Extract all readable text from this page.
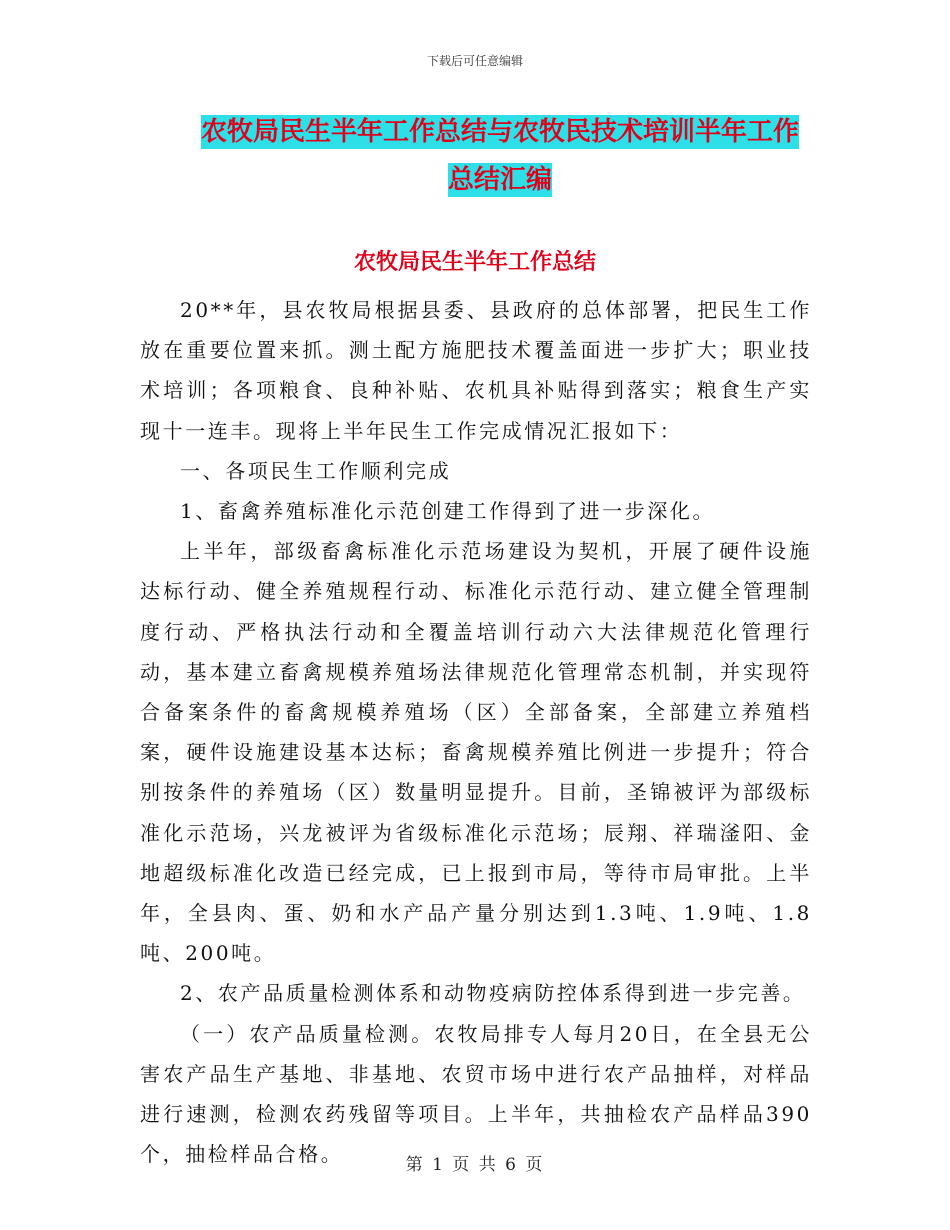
下载后可任意编辑
农牧局民生半年工作总结与农牧民技术培训半年工作
总结汇编
农牧局民生半年工作总结

20**年，县农牧局根据县委、县政府的总体部署，把民生工作放在重要位置来抓。测土配方施肥技术覆盖面进一步扩大；职业技术培训；各项粮食、良种补贴、农机具补贴得到落实；粮食生产实现十一连丰。现将上半年民生工作完成情况汇报如下：

一、各项民生工作顺利完成

1、畜禽养殖标准化示范创建工作得到了进一步深化。

上半年，部级畜禽标准化示范场建设为契机，开展了硬件设施达标行动、健全养殖规程行动、标准化示范行动、建立健全管理制度行动、严格执法行动和全覆盖培训行动六大法律规范化管理行动，基本建立畜禽规模养殖场法律规范化管理常态机制，并实现符合备案条件的畜禽规模养殖场（区）全部备案，全部建立养殖档案，硬件设施建设基本达标；畜禽规模养殖比例进一步提升；符合别按条件的养殖场（区）数量明显提升。目前，圣锦被评为部级标准化示范场，兴龙被评为省级标准化示范场；辰翔、祥瑞滏阳、金地超级标准化改造已经完成，已上报到市局，等待市局审批。上半年，全县肉、蛋、奶和水产品产量分别达到1.3吨、1.9吨、1.8吨、200吨。

2、农产品质量检测体系和动物疫病防控体系得到进一步完善。

（一）农产品质量检测。农牧局排专人每月20日，在全县无公害农产品生产基地、非基地、农贸市场中进行农产品抽样，对样品进行速测，检测农药残留等项目。上半年，共抽检农产品样品390个，抽检样品合格。	第 1 页 共 6 页
